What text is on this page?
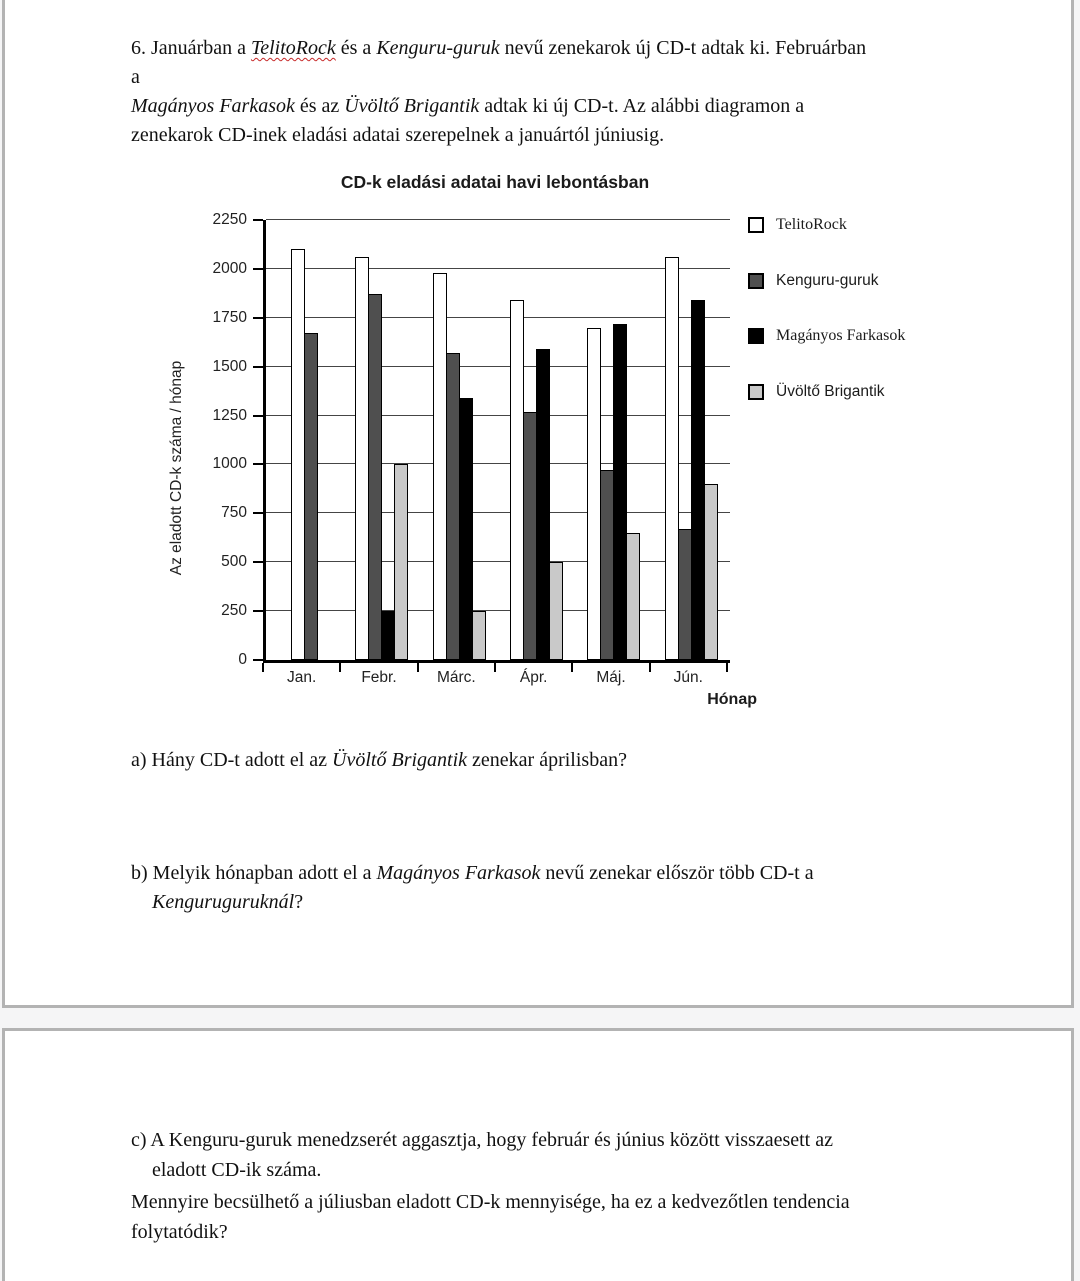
6. Januárban a TelitoRock és a Kenguru-guruk nevű zenekarok új CD-t adtak ki. Februárban
a
Magányos Farkasok és az Üvöltő Brigantik adtak ki új CD-t. Az alábbi diagramon a
zenekarok CD-inek eladási adatai szerepelnek a januártól júniusig.
CD-k eladási adatai havi lebontásban
Az eladott CD-k száma / hónap
0
250
500
750
1000
1250
1500
1750
2000
2250
Jan.	Febr.	Márc.	Ápr.	Máj.	Jún.
Hónap
TelitoRock
Kenguru-guruk
Magányos Farkasok
Üvöltő Brigantik
a) Hány CD-t adott el az Üvöltő Brigantik zenekar áprilisban?
b) Melyik hónapban adott el a Magányos Farkasok nevű zenekar először több CD-t a
Kenguruguruknál?
c) A Kenguru-guruk menedzserét aggasztja, hogy február és június között visszaesett az
eladott CD-ik száma.
Mennyire becsülhető a júliusban eladott CD-k mennyisége, ha ez a kedvezőtlen tendencia
folytatódik?
